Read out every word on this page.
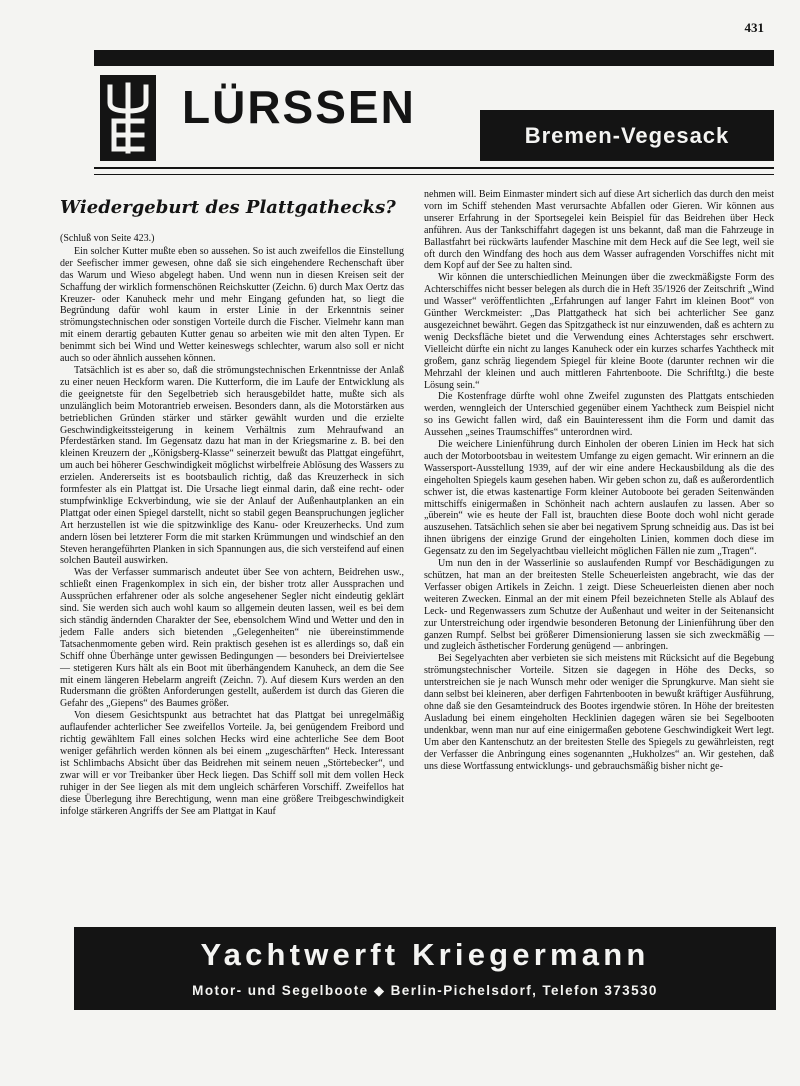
431
LÜRSSEN
Bremen-Vegesack
Wiedergeburt des Plattgathecks?
(Schluß von Seite 423.)

Ein solcher Kutter mußte eben so aussehen. So ist auch zweifellos die Einstellung der Seefischer immer gewesen, ohne daß sie sich eingehendere Rechenschaft über das Warum und Wieso abgelegt haben. Und wenn nun in diesen Kreisen seit der Schaffung der wirklich formenschönen Reichskutter (Zeichn. 6) durch Max Oertz das Kreuzer- oder Kanuheck mehr und mehr Eingang gefunden hat, so liegt die Begründung dafür wohl kaum in erster Linie in der Erkenntnis seiner strömungstechnischen oder sonstigen Vorteile durch die Fischer. Vielmehr kann man mit einem derartig gebauten Kutter genau so arbeiten wie mit den alten Typen. Er benimmt sich bei Wind und Wetter keineswegs schlechter, warum also soll er nicht auch so oder ähnlich aussehen können.

Tatsächlich ist es aber so, daß die strömungstechnischen Erkenntnisse der Anlaß zu einer neuen Heckform waren. Die Kutterform, die im Laufe der Entwicklung als die geeignetste für den Segelbetrieb sich herausgebildet hatte, mußte sich als unzulänglich beim Motorantrieb erweisen. Besonders dann, als die Motorstärken aus betrieblichen Gründen stärker und stärker gewählt wurden und die erzielte Geschwindigkeitssteigerung in keinem Verhältnis zum Mehraufwand an Pferdestärken stand. Im Gegensatz dazu hat man in der Kriegsmarine z. B. bei den kleinen Kreuzern der „Königsberg-Klasse“ seinerzeit bewußt das Plattgat eingeführt, um auch bei höherer Geschwindigkeit möglichst wirbelfreie Ablösung des Wassers zu erzielen. Andererseits ist es bootsbaulich richtig, daß das Kreuzerheck in sich formfester als ein Plattgat ist. Die Ursache liegt einmal darin, daß eine recht- oder stumpfwinklige Eckverbindung, wie sie der Anlauf der Außenhautplanken an ein Plattgat oder einen Spiegel darstellt, nicht so stabil gegen Beanspruchungen jeglicher Art herzustellen ist wie die spitzwinklige des Kanu- oder Kreuzerhecks. Und zum andern lösen bei letzterer Form die mit starken Krümmungen und windschief an den Steven herangeführten Planken in sich Spannungen aus, die sich versteifend auf einen solchen Bauteil auswirken.

Was der Verfasser summarisch andeutet über See von achtern, Beidrehen usw., schließt einen Fragenkomplex in sich ein, der bisher trotz aller Aussprachen und Aussprüchen erfahrener oder als solche angesehener Segler nicht eindeutig geklärt sind. Sie werden sich auch wohl kaum so allgemein deuten lassen, weil es bei dem sich ständig ändernden Charakter der See, ebensolchem Wind und Wetter und den in jedem Falle anders sich bietenden „Gelegenheiten“ nie übereinstimmende Tatsachenmomente geben wird. Rein praktisch gesehen ist es allerdings so, daß ein Schiff ohne Überhänge unter gewissen Bedingungen — besonders bei Dreiviertelsee — stetigeren Kurs hält als ein Boot mit überhängendem Kanuheck, an dem die See mit einem längeren Hebelarm angreift (Zeichn. 7). Auf diesem Kurs werden an den Rudersmann die größten Anforderungen gestellt, außerdem ist durch das Gieren die Gefahr des „Giepens“ des Baumes größer.

Von diesem Gesichtspunkt aus betrachtet hat das Plattgat bei unregelmäßig auflaufender achterlicher See zweifellos Vorteile. Ja, bei genügendem Freibord und richtig gewähltem Fall eines solchen Hecks wird eine achterliche See dem Boot weniger gefährlich werden können als bei einem „zugeschärften“ Heck. Interessant ist Schlimbachs Absicht über das Beidrehen mit seinem neuen „Störtebecker“, und zwar will er vor Treibanker über Heck liegen. Das Schiff soll mit dem vollen Heck ruhiger in der See liegen als mit dem ungleich schärferen Vorschiff. Zweifellos hat diese Überlegung ihre Berechtigung, wenn man eine größere Treibgeschwindigkeit infolge stärkeren Angriffs der See am Plattgat in Kauf

nehmen will. Beim Einmaster mindert sich auf diese Art sicherlich das durch den meist vorn im Schiff stehenden Mast verursachte Abfallen oder Gieren. Wir können aus unserer Erfahrung in der Sportsegelei kein Beispiel für das Beidrehen über Heck anführen. Aus der Tankschiffahrt dagegen ist uns bekannt, daß man die Fahrzeuge in Ballastfahrt bei rückwärts laufender Maschine mit dem Heck auf die See legt, weil sie oft durch den Windfang des hoch aus dem Wasser aufragenden Vorschiffes nicht mit dem Kopf auf der See zu halten sind.

Wir können die unterschiedlichen Meinungen über die zweckmäßigste Form des Achterschiffes nicht besser belegen als durch die in Heft 35/1926 der Zeitschrift „Wind und Wasser“ veröffentlichten „Erfahrungen auf langer Fahrt im kleinen Boot“ von Günther Werckmeister: „Das Plattgatheck hat sich bei achterlicher See ganz ausgezeichnet bewährt. Gegen das Spitzgatheck ist nur einzuwenden, daß es achtern zu wenig Decksfläche bietet und die Verwendung eines Achterstages sehr erschwert. Vielleicht dürfte ein nicht zu langes Kanuheck oder ein kurzes scharfes Yachtheck mit großem, ganz schräg liegendem Spiegel für kleine Boote (darunter rechnen wir die Mehrzahl der kleinen und auch mittleren Fahrtenboote. Die Schriftltg.) die beste Lösung sein.“

Die Kostenfrage dürfte wohl ohne Zweifel zugunsten des Plattgats entschieden werden, wenngleich der Unterschied gegenüber einem Yachtheck zum Beispiel nicht so ins Gewicht fallen wird, daß ein Bauinteressent ihm die Form und damit das Aussehen „seines Traumschiffes“ unterordnen wird.

Die weichere Linienführung durch Einholen der oberen Linien im Heck hat sich auch der Motorbootsbau in weitestem Umfange zu eigen gemacht. Wir erinnern an die Wassersport-Ausstellung 1939, auf der wir eine andere Heckausbildung als die des eingeholten Spiegels kaum gesehen haben. Wir geben schon zu, daß es außerordentlich schwer ist, die etwas kastenartige Form kleiner Autoboote bei geraden Seitenwänden mittschiffs einigermaßen in Schönheit nach achtern auslaufen zu lassen. Aber so „überein“ wie es heute der Fall ist, brauchten diese Boote doch wohl nicht gerade auszusehen. Tatsächlich sehen sie aber bei negativem Sprung schneidig aus. Das ist bei ihnen übrigens der einzige Grund der eingeholten Linien, kommen doch diese im Gegensatz zu den im Segelyachtbau vielleicht möglichen Fällen nie zum „Tragen“.

Um nun den in der Wasserlinie so auslaufenden Rumpf vor Beschädigungen zu schützen, hat man an der breitesten Stelle Scheuerleisten angebracht, wie das der Verfasser obigen Artikels in Zeichn. 1 zeigt. Diese Scheuerleisten dienen aber noch weiteren Zwecken. Einmal an der mit einem Pfeil bezeichneten Stelle als Ablauf des Leck- und Regenwassers zum Schutze der Außenhaut und weiter in der Seitenansicht zur Unterstreichung oder irgendwie besonderen Betonung der Linienführung über den ganzen Rumpf. Selbst bei größerer Dimensionierung lassen sie sich zweckmäßig — und zugleich ästhetischer Forderung genügend — anbringen.

Bei Segelyachten aber verbieten sie sich meistens mit Rücksicht auf die Begebung strömungstechnischer Vorteile. Sitzen sie dagegen in Höhe des Decks, so unterstreichen sie je nach Wunsch mehr oder weniger die Sprungkurve. Man sieht sie dann selbst bei kleineren, aber derfigen Fahrtenbooten in bewußt kräftiger Ausführung, ohne daß sie den Gesamteindruck des Bootes irgendwie stören. In Höhe der breitesten Ausladung bei einem eingeholten Hecklinien dagegen wären sie bei Segelbooten undenkbar, wenn man nur auf eine einigermaßen gebotene Geschwindigkeit Wert legt. Um aber den Kantenschutz an der breitesten Stelle des Spiegels zu gewährleisten, regt der Verfasser die Anbringung eines sogenannten „Hukholzes“ an. Wir gestehen, daß uns diese Wortfassung entwicklungs- und gebrauchsmäßig bisher nicht ge-

Yachtwerft Kriegermann
Motor- und Segelboote ◆ Berlin-Pichelsdorf, Telefon 373530
